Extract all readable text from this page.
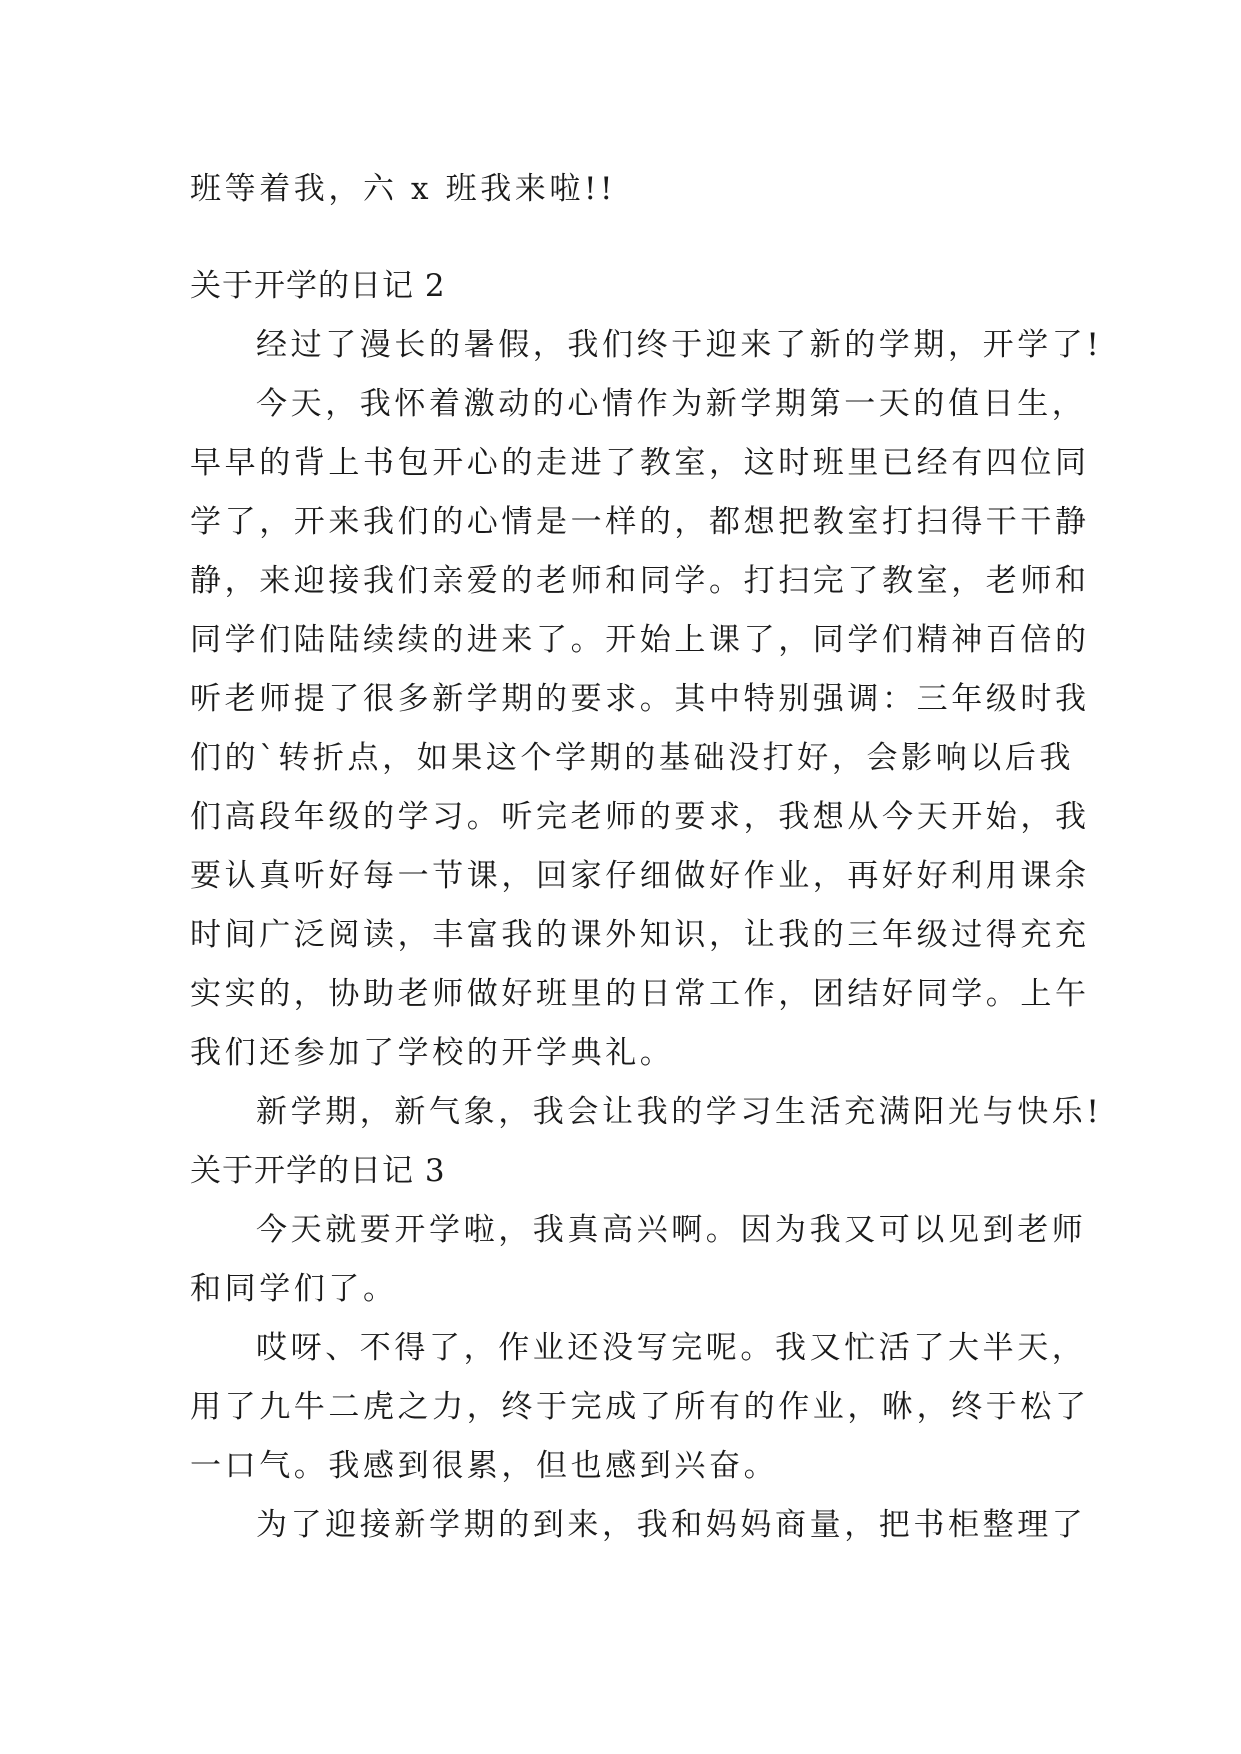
班等着我，六 x 班我来啦!!
关于开学的日记 2
经过了漫长的暑假，我们终于迎来了新的学期，开学了!
今天，我怀着激动的心情作为新学期第一天的值日生，
早早的背上书包开心的走进了教室，这时班里已经有四位同
学了，开来我们的心情是一样的，都想把教室打扫得干干静
静，来迎接我们亲爱的老师和同学。打扫完了教室，老师和
同学们陆陆续续的进来了。开始上课了，同学们精神百倍的
听老师提了很多新学期的要求。其中特别强调：三年级时我
们的`转折点，如果这个学期的基础没打好，会影响以后我
们高段年级的学习。听完老师的要求，我想从今天开始，我
要认真听好每一节课，回家仔细做好作业，再好好利用课余
时间广泛阅读，丰富我的课外知识，让我的三年级过得充充
实实的，协助老师做好班里的日常工作，团结好同学。上午
我们还参加了学校的开学典礼。
新学期，新气象，我会让我的学习生活充满阳光与快乐!
关于开学的日记 3
今天就要开学啦，我真高兴啊。因为我又可以见到老师
和同学们了。
哎呀、不得了，作业还没写完呢。我又忙活了大半天，
用了九牛二虎之力，终于完成了所有的作业，咻，终于松了
一口气。我感到很累，但也感到兴奋。
为了迎接新学期的到来，我和妈妈商量，把书柜整理了
